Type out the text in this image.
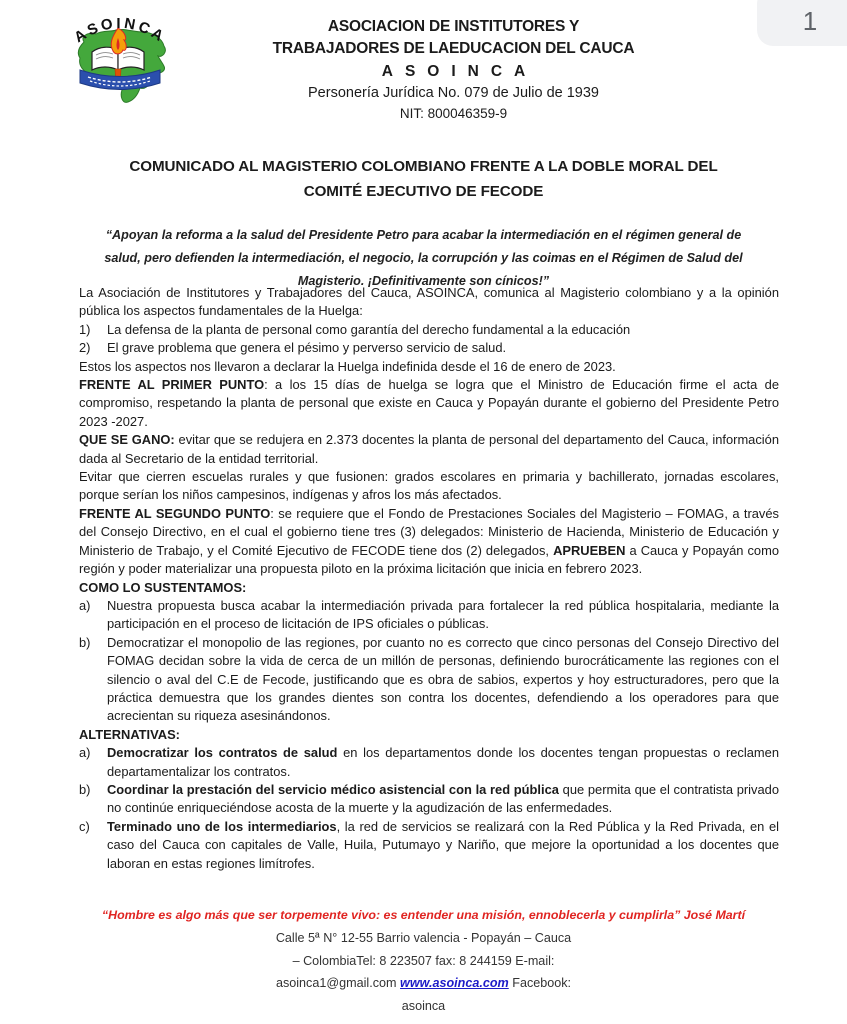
1
ASOINCA	ASOCIACION DE INSTITUTORES Y
TRABAJADORES DE LAEDUCACION DEL CAUCA
ASOINCA
Personería Jurídica No. 079 de Julio de 1939
NIT: 800046359-9
COMUNICADO AL MAGISTERIO COLOMBIANO FRENTE A LA DOBLE MORAL DEL
COMITÉ EJECUTIVO DE FECODE
“Apoyan la reforma a la salud del Presidente Petro para acabar la intermediación en el régimen general de
salud, pero defienden la intermediación, el negocio, la corrupción y las coimas en el Régimen de Salud del
Magisterio. ¡Definitivamente son cínicos!”
La Asociación de Institutores y Trabajadores del Cauca, ASOINCA, comunica al Magisterio colombiano y a la opinión pública los aspectos fundamentales de la Huelga:
1)	La defensa de la planta de personal como garantía del derecho fundamental a la educación
2)	El grave problema que genera el pésimo y perverso servicio de salud.
Estos los aspectos nos llevaron a declarar la Huelga indefinida desde el 16 de enero de 2023.
FRENTE AL PRIMER PUNTO: a los 15 días de huelga se logra que el Ministro de Educación firme el acta de compromiso, respetando la planta de personal que existe en Cauca y Popayán durante el gobierno del Presidente Petro 2023 -2027.
QUE SE GANO: evitar que se redujera en 2.373 docentes la planta de personal del departamento del Cauca, información dada al Secretario de la entidad territorial.
Evitar que cierren escuelas rurales y que fusionen: grados escolares en primaria y bachillerato, jornadas escolares, porque serían los niños campesinos, indígenas y afros los más afectados.
FRENTE AL SEGUNDO PUNTO: se requiere que el Fondo de Prestaciones Sociales del Magisterio – FOMAG, a través del Consejo Directivo, en el cual el gobierno tiene tres (3) delegados: Ministerio de Hacienda, Ministerio de Educación y Ministerio de Trabajo, y el Comité Ejecutivo de FECODE tiene dos (2) delegados, APRUEBEN a Cauca y Popayán como región y poder materializar una propuesta piloto en la próxima licitación que inicia en febrero 2023.
COMO LO SUSTENTAMOS:
a)	Nuestra propuesta busca acabar la intermediación privada para fortalecer la red pública hospitalaria, mediante la participación en el proceso de licitación de IPS oficiales o públicas.
b)	Democratizar el monopolio de las regiones, por cuanto no es correcto que cinco personas del Consejo Directivo del FOMAG decidan sobre la vida de cerca de un millón de personas, definiendo burocráticamente las regiones con el silencio o aval del C.E de Fecode, justificando que es obra de sabios, expertos y hoy estructuradores, pero que la práctica demuestra que los grandes dientes son contra los docentes, defendiendo a los operadores para que acrecientan su riqueza asesinándonos.
ALTERNATIVAS:
a)	Democratizar los contratos de salud en los departamentos donde los docentes tengan propuestas o reclamen departamentalizar los contratos.
b)	Coordinar la prestación del servicio médico asistencial con la red pública que permita que el contratista privado no continúe enriqueciéndose acosta de la muerte y la agudización de las enfermedades.
c)	Terminado uno de los intermediarios, la red de servicios se realizará con la Red Pública y la Red Privada, en el caso del Cauca con capitales de Valle, Huila, Putumayo y Nariño, que mejore la oportunidad a los docentes que laboran en estas regiones limítrofes.
“Hombre es algo más que ser torpemente vivo: es entender una misión, ennoblecerla y cumplirla” José Martí
Calle 5ª N° 12-55 Barrio valencia - Popayán – Cauca
– ColombiaTel: 8 223507 fax: 8 244159 E-mail:
asoinca1@gmail.com www.asoinca.com Facebook:
asoinca
